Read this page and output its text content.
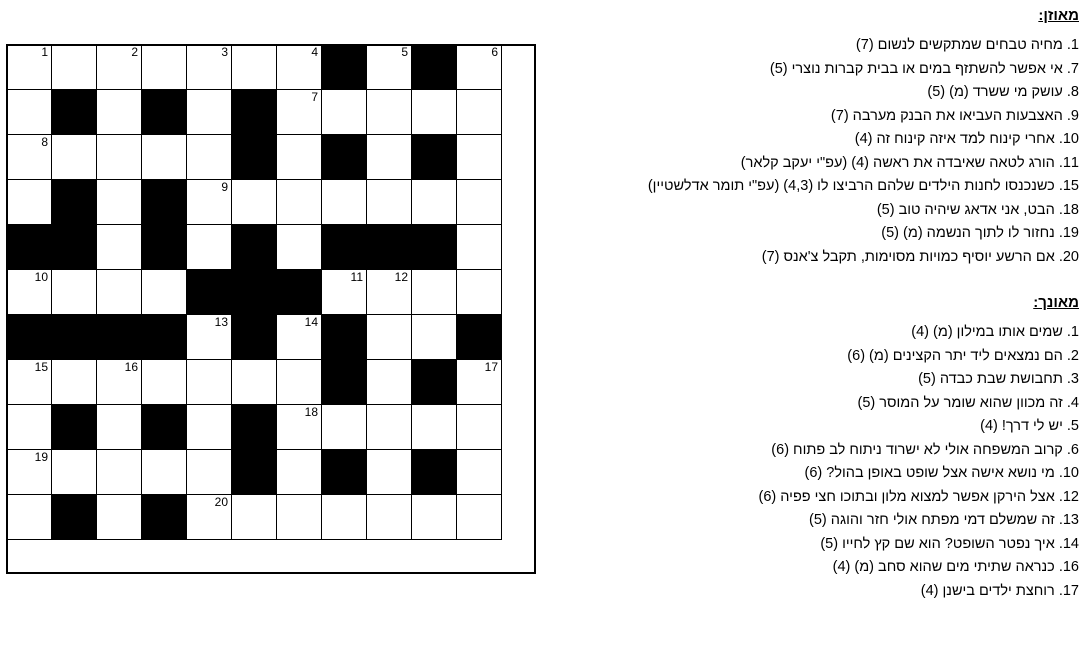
6		5		4		3		2		1

				7						

										8

						9				

		12	11							10

				14		13				

17								16		15

				18						

										19

						20				

מאוזן:
1. מחיה טבחים שמתקשים לנשום (7)
7. אי אפשר להשתזף במים או בבית קברות נוצרי (5)
8. עושק מי ששרד (מ) (5)
9. האצבעות העביאו את הבנק מערבה (7)
10. אחרי קינוח למד איזה קינוח זה (4)
11. הורג לטאה שאיבדה את ראשה (4) (עפ"י יעקב קלאר)
15. כשנכנסו לחנות הילדים שלהם הרביצו לו (4,3) (עפ"י תומר אדלשטיין)
18. הבט, אני אדאג שיהיה טוב (5)
19. נחזור לו לתוך הנשמה (מ) (5)
20. אם הרשע יוסיף כמויות מסוימות, תקבל צ'אנס (7)
מאונך:
1. שמים אותו במילון (מ) (4)
2. הם נמצאים ליד יתר הקצינים (מ) (6)
3. תחבושת שבת כבדה (5)
4. זה מכוון שהוא שומר על המוסר (5)
5. יש לי דרך! (4)
6. קרוב המשפחה אולי לא ישרוד ניתוח לב פתוח (6)
10. מי נושא אישה אצל שופט באופן בהול? (6)
12. אצל הירקן אפשר למצוא מלון ובתוכו חצי פפיה (6)
13. זה שמשלם דמי מפתח אולי חזר והוגה (5)
14. איך נפטר השופט? הוא שם קץ לחייו (5)
16. כנראה שתיתי מים שהוא סחב (מ) (4)
17. רוחצת ילדים בישנן (4)
